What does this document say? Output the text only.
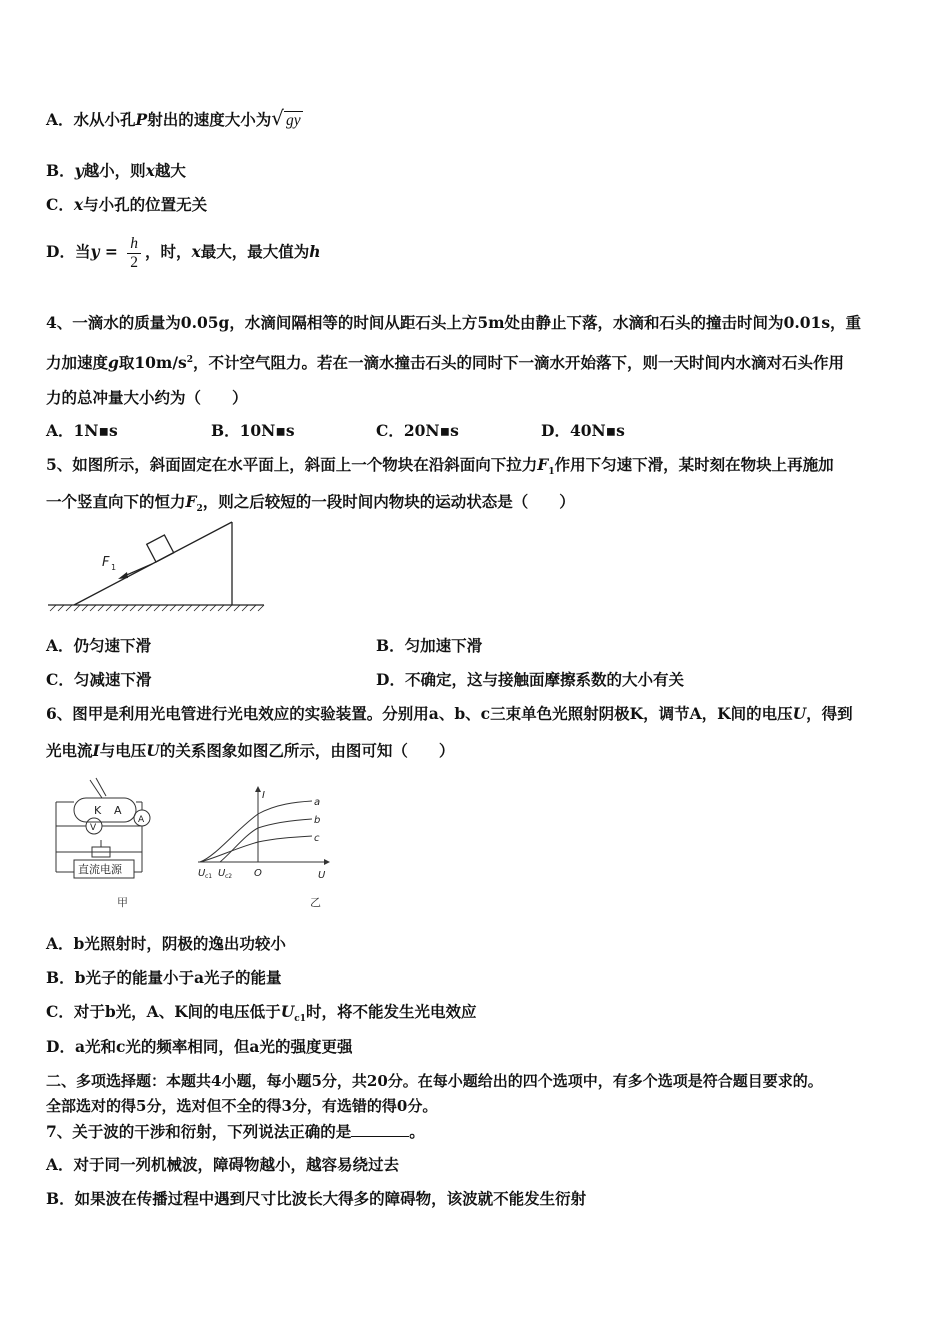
A．水从小孔P射出的速度大小为√ gy
B．y越小，则x越大
C．x与小孔的位置无关
D．当$y = \frac{h}{2}$ ，时，x最大，最大值为h
4、一滴水的质量为0.05g，水滴间隔相等的时间从距石头上方5m处由静止下落，水滴和石头的撞击时间为0.01s，重
力加速度g取$10m/s^2$，不计空气阻力。若在一滴水撞击石头的同时下一滴水开始落下，则一天时间内水滴对石头作用
力的总冲量大小约为（　　）
A．1N▪s	B．10N▪s	C．20N▪s	D．40N▪s
5、如图所示，斜面固定在水平面上，斜面上一个物块在沿斜面向下拉力$F_1$作用下匀速下滑，某时刻在物块上再施加
一个竖直向下的恒力$F_2$，则之后较短的一段时间内物块的运动状态是（　　）
F 1
A．仍匀速下滑	B．匀加速下滑
C．匀减速下滑	D．不确定，这与接触面摩擦系数的大小有关
6、图甲是利用光电管进行光电效应的实验装置。分别用a、b、c三束单色光照射阴极K，调节A，K间的电压U，得到
光电流I与电压U的关系图象如图乙所示，由图可知（　　）
K A
V
A
直流电源
甲
I
U
O
a
b
c
U c1 U c2
乙
A．b光照射时，阴极的逸出功较小
B．b光子的能量小于a光子的能量
C．对于b光，A、K间的电压低于$U_{c1}$时，将不能发生光电效应
D．a光和c光的频率相同，但a光的强度更强
二、多项选择题：本题共4小题，每小题5分，共20分。在每小题给出的四个选项中，有多个选项是符合题目要求的。
全部选对的得5分，选对但不全的得3分，有选错的得0分。
7、关于波的干涉和衍射，下列说法正确的是	。
A．对于同一列机械波，障碍物越小，越容易绕过去
B．如果波在传播过程中遇到尺寸比波长大得多的障碍物，该波就不能发生衍射
